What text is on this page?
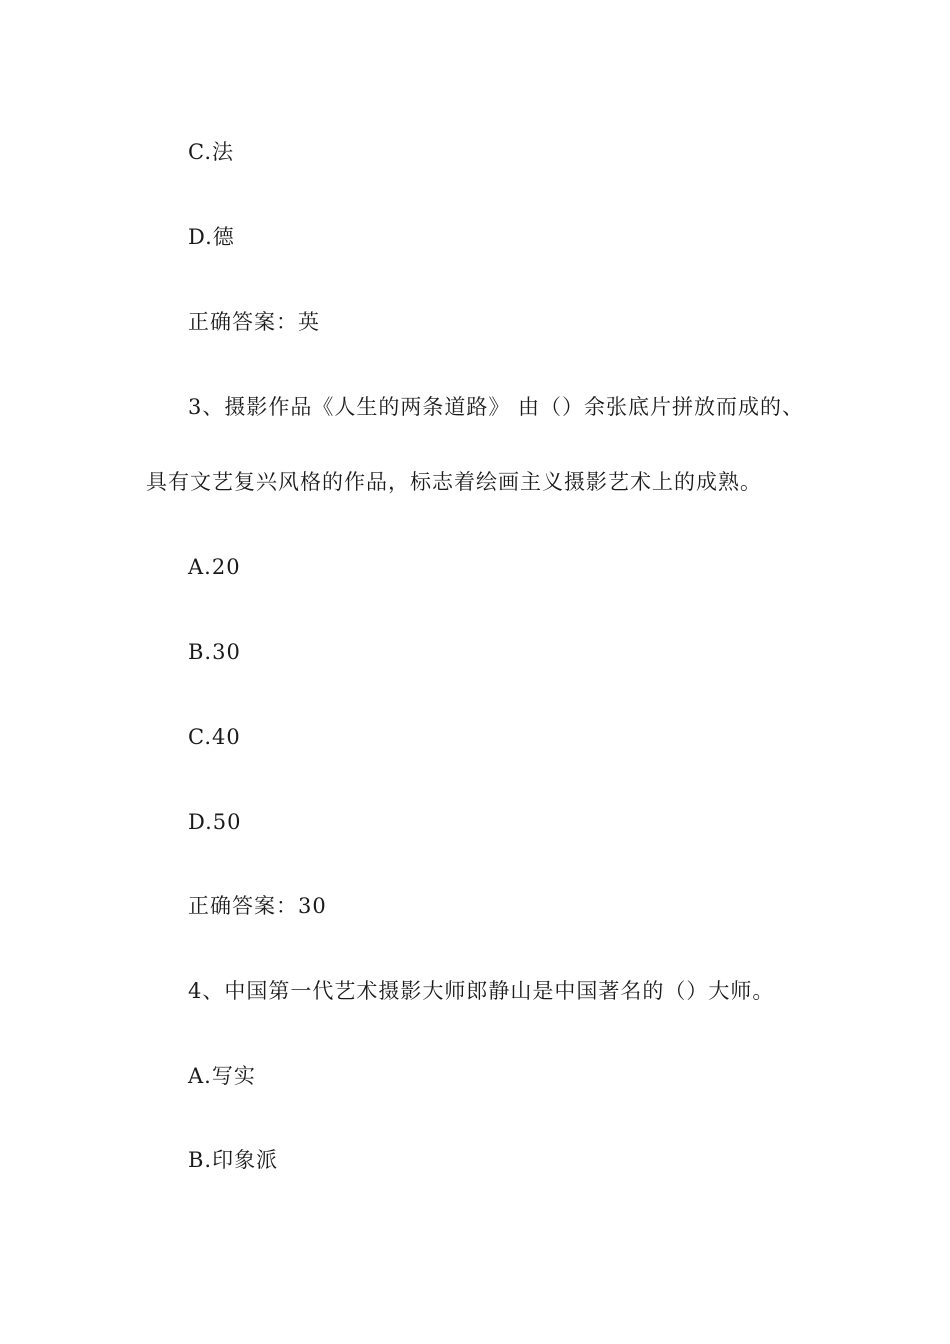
C.法
D.德
正确答案：英
3、摄影作品《人生的两条道路》 由（）余张底片拼放而成的、
具有文艺复兴风格的作品，标志着绘画主义摄影艺术上的成熟。
A.20
B.30
C.40
D.50
正确答案：30
4、中国第一代艺术摄影大师郎静山是中国著名的（）大师。
A.写实
B.印象派
